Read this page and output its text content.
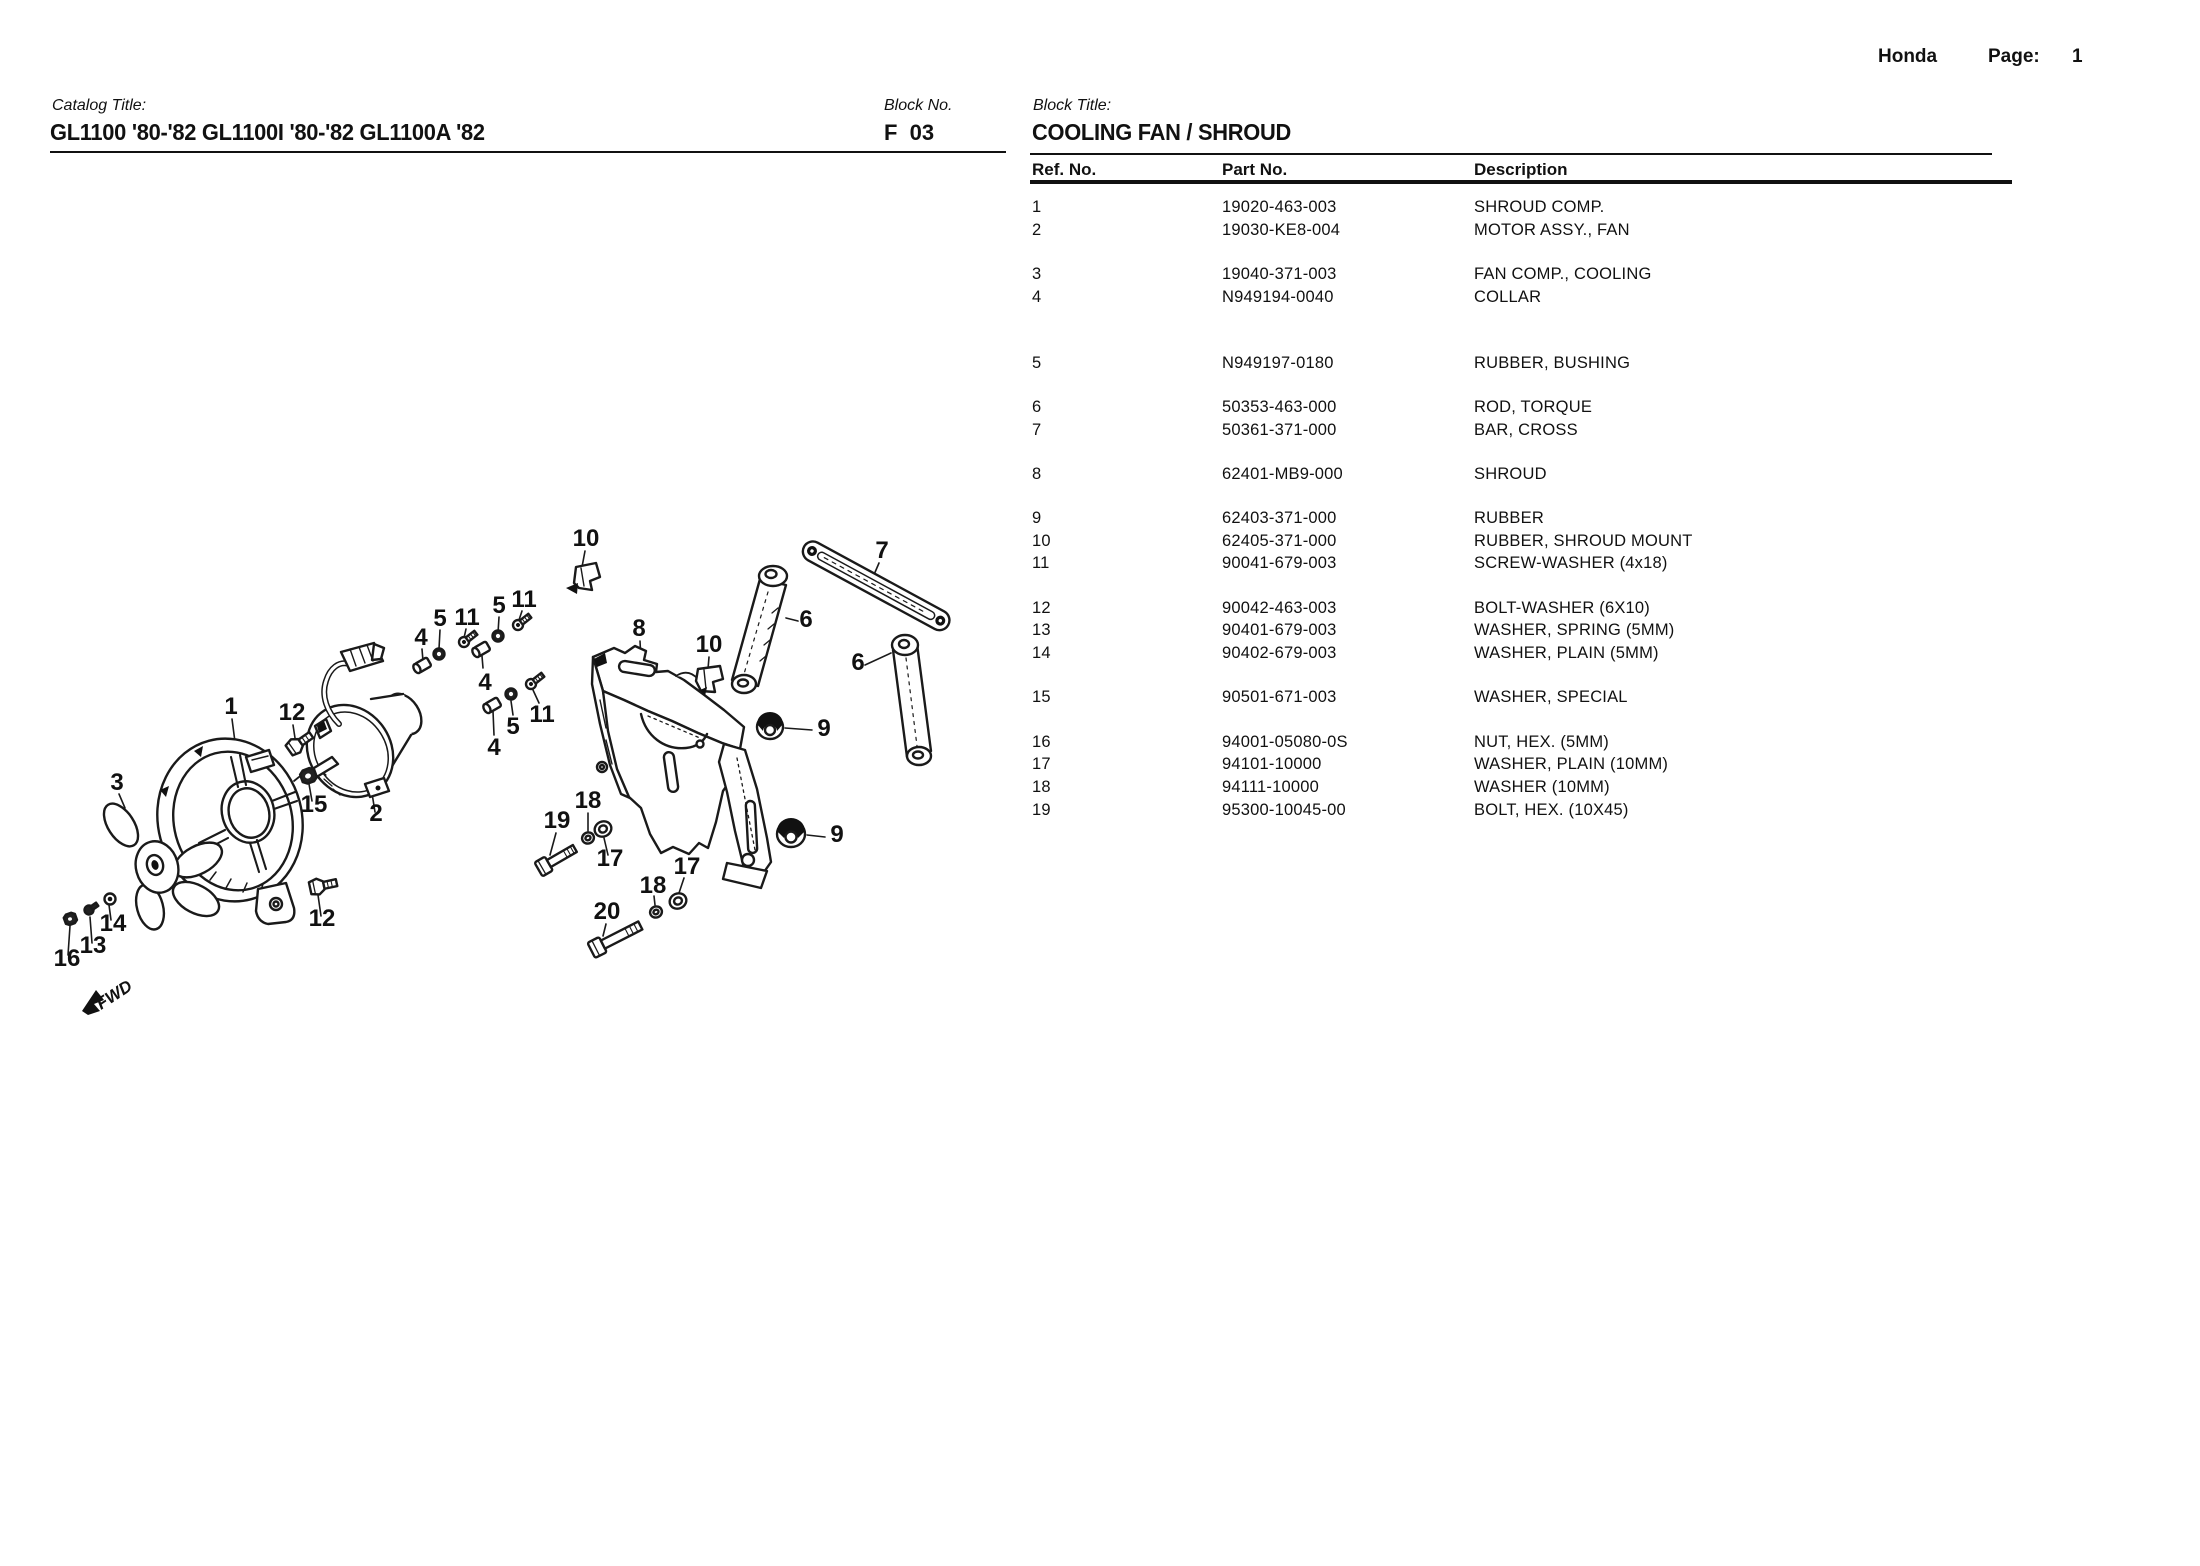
Honda	Page: 1
Catalog Title:
GL1100 '80-'82 GL1100I '80-'82 GL1100A '82
Block No.
F  03
Block Title:
COOLING FAN / SHROUD
Ref. No.	Part No.	Description
1	19020-463-003	SHROUD COMP.
2	19030-KE8-004	MOTOR ASSY., FAN
3	19040-371-003	FAN COMP., COOLING
4	N949194-0040	COLLAR
5	N949197-0180	RUBBER, BUSHING
6	50353-463-000	ROD, TORQUE
7	50361-371-000	BAR, CROSS
8	62401-MB9-000	SHROUD
9	62403-371-000	RUBBER
10	62405-371-000	RUBBER, SHROUD MOUNT
11	90041-679-003	SCREW-WASHER (4x18)
12	90042-463-003	BOLT-WASHER (6X10)
13	90401-679-003	WASHER, SPRING (5MM)
14	90402-679-003	WASHER, PLAIN (5MM)
15	90501-671-003	WASHER, SPECIAL
16	94001-05080-0S	NUT, HEX. (5MM)
17	94101-10000	WASHER, PLAIN (10MM)
18	94111-10000	WASHER (10MM)
19	95300-10045-00	BOLT, HEX. (10X45)
FWD
1
2
3
4
5 11 5 11
4
5 11
4
10
10
8
7
6
6
9
9
12
12
15
13
14
16
17
18
19
17
18
20
